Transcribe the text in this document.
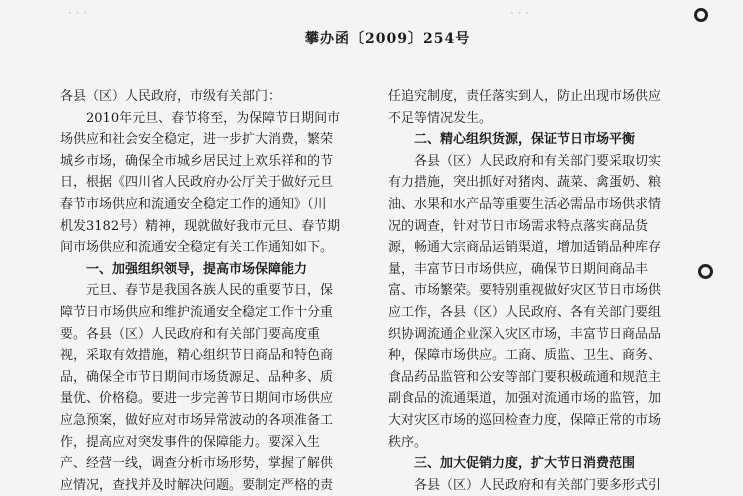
· · ·	· · ·
攀办函〔2009〕254号
各县（区）人民政府，市级有关部门：
2010年元旦、春节将至，为保障节日期间市
场供应和社会安全稳定，进一步扩大消费，繁荣
城乡市场，确保全市城乡居民过上欢乐祥和的节
日，根据《四川省人民政府办公厅关于做好元旦
春节市场供应和流通安全稳定工作的通知》（川
机发3182号）精神，现就做好我市元旦、春节期
间市场供应和流通安全稳定有关工作通知如下。
一、加强组织领导，提高市场保障能力
元旦、春节是我国各族人民的重要节日，保
障节日市场供应和维护流通安全稳定工作十分重
要。各县（区）人民政府和有关部门要高度重
视，采取有效措施，精心组织节日商品和特色商
品，确保全市节日期间市场货源足、品种多、质
量优、价格稳。要进一步完善节日期间市场供应
应急预案，做好应对市场异常波动的各项准备工
作，提高应对突发事件的保障能力。要深入生
产、经营一线，调查分析市场形势，掌握了解供
应情况，查找并及时解决问题。要制定严格的责
任追究制度，责任落实到人，防止出现市场供应
不足等情况发生。
二、精心组织货源，保证节日市场平衡
各县（区）人民政府和有关部门要采取切实
有力措施，突出抓好对猪肉、蔬菜、禽蛋奶、粮
油、水果和水产品等重要生活必需品市场供求情
况的调查，针对节日市场需求特点落实商品货
源，畅通大宗商品运销渠道，增加适销品种库存
量，丰富节日市场供应，确保节日期间商品丰
富、市场繁荣。要特别重视做好灾区节日市场供
应工作，各县（区）人民政府、各有关部门要组
织协调流通企业深入灾区市场，丰富节日商品品
种，保障市场供应。工商、质监、卫生、商务、
食品药品监管和公安等部门要积极疏通和规范主
副食品的流通渠道，加强对流通市场的监管，加
大对灾区市场的巡回检查力度，保障正常的市场
秩序。
三、加大促销力度，扩大节日消费范围
各县（区）人民政府和有关部门要多形式引
